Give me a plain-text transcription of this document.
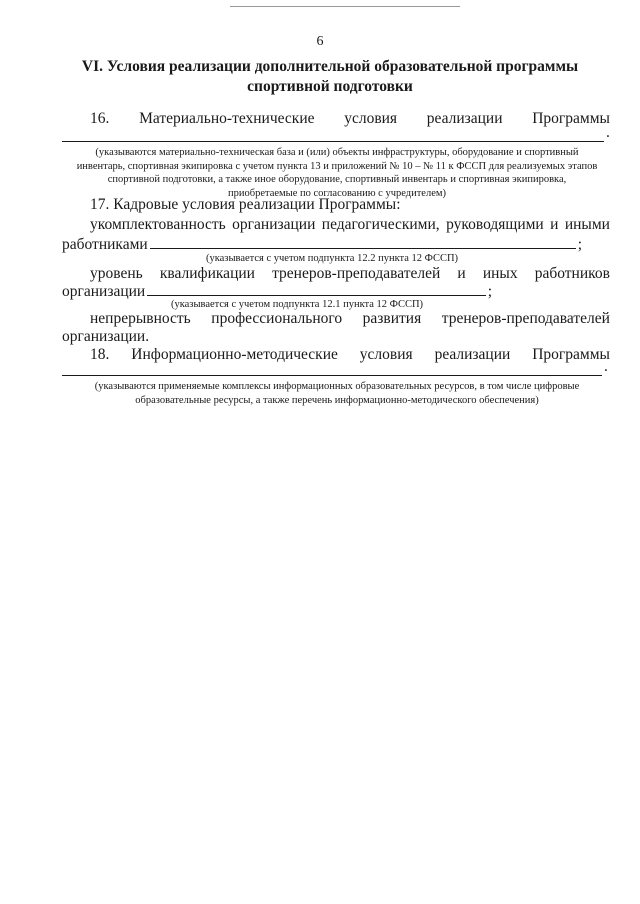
6
VI. Условия реализации дополнительной образовательной программы
спортивной подготовки
16. Материально-технические условия реализации Программы
.
(указываются материально-техническая база и (или) объекты инфраструктуры, оборудование и спортивный
инвентарь, спортивная экипировка с учетом пункта 13 и приложений № 10 – № 11 к ФССП для реализуемых этапов
спортивной подготовки, а также иное оборудование, спортивный инвентарь и спортивная экипировка,
приобретаемые по согласованию с учредителем)
17. Кадровые условия реализации Программы:
укомплектованность организации педагогическими, руководящими и иными
работниками	;
(указывается с учетом подпункта 12.2 пункта 12 ФССП)
уровень квалификации тренеров-преподавателей и иных работников
организации	;
(указывается с учетом подпункта 12.1 пункта 12 ФССП)
непрерывность профессионального развития тренеров-преподавателей
организации.
18. Информационно-методические условия реализации Программы
.
(указываются применяемые комплексы информационных образовательных ресурсов, в том числе цифровые
образовательные ресурсы, а также перечень информационно-методического обеспечения)
